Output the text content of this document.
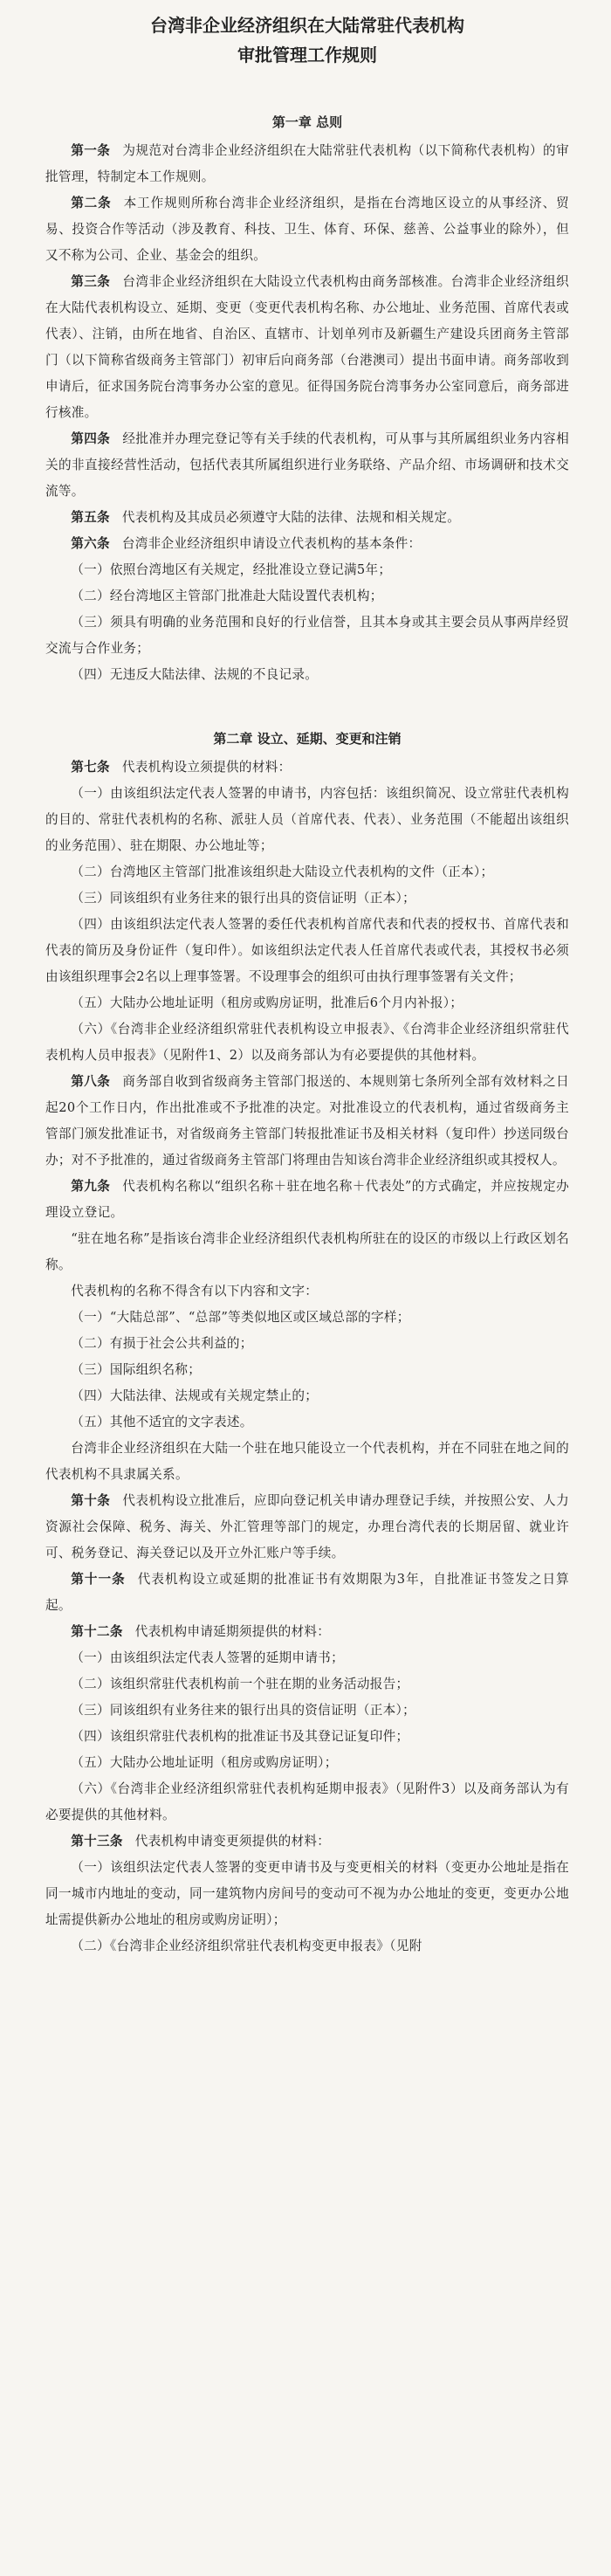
台湾非企业经济组织在大陆常驻代表机构
审批管理工作规则
第一章 总则

第一条 为规范对台湾非企业经济组织在大陆常驻代表机构（以下简称代表机构）的审批管理，特制定本工作规则。

第二条 本工作规则所称台湾非企业经济组织，是指在台湾地区设立的从事经济、贸易、投资合作等活动（涉及教育、科技、卫生、体育、环保、慈善、公益事业的除外），但又不称为公司、企业、基金会的组织。

第三条 台湾非企业经济组织在大陆设立代表机构由商务部核准。台湾非企业经济组织在大陆代表机构设立、延期、变更（变更代表机构名称、办公地址、业务范围、首席代表或代表）、注销，由所在地省、自治区、直辖市、计划单列市及新疆生产建设兵团商务主管部门（以下简称省级商务主管部门）初审后向商务部（台港澳司）提出书面申请。商务部收到申请后，征求国务院台湾事务办公室的意见。征得国务院台湾事务办公室同意后，商务部进行核准。

第四条 经批准并办理完登记等有关手续的代表机构，可从事与其所属组织业务内容相关的非直接经营性活动，包括代表其所属组织进行业务联络、产品介绍、市场调研和技术交流等。

第五条 代表机构及其成员必须遵守大陆的法律、法规和相关规定。

第六条 台湾非企业经济组织申请设立代表机构的基本条件：

（一）依照台湾地区有关规定，经批准设立登记满5年；

（二）经台湾地区主管部门批准赴大陆设置代表机构；

（三）须具有明确的业务范围和良好的行业信誉，且其本身或其主要会员从事两岸经贸交流与合作业务；

（四）无违反大陆法律、法规的不良记录。

第二章 设立、延期、变更和注销

第七条 代表机构设立须提供的材料：

（一）由该组织法定代表人签署的申请书，内容包括：该组织简况、设立常驻代表机构的目的、常驻代表机构的名称、派驻人员（首席代表、代表）、业务范围（不能超出该组织的业务范围）、驻在期限、办公地址等；

（二）台湾地区主管部门批准该组织赴大陆设立代表机构的文件（正本）；

（三）同该组织有业务往来的银行出具的资信证明（正本）；

（四）由该组织法定代表人签署的委任代表机构首席代表和代表的授权书、首席代表和代表的简历及身份证件（复印件）。如该组织法定代表人任首席代表或代表，其授权书必须由该组织理事会2名以上理事签署。不设理事会的组织可由执行理事签署有关文件；

（五）大陆办公地址证明（租房或购房证明，批准后6个月内补报）；

（六）《台湾非企业经济组织常驻代表机构设立申报表》、《台湾非企业经济组织常驻代表机构人员申报表》（见附件1、2）以及商务部认为有必要提供的其他材料。

第八条 商务部自收到省级商务主管部门报送的、本规则第七条所列全部有效材料之日起20个工作日内，作出批准或不予批准的决定。对批准设立的代表机构，通过省级商务主管部门颁发批准证书，对省级商务主管部门转报批准证书及相关材料（复印件）抄送同级台办；对不予批准的，通过省级商务主管部门将理由告知该台湾非企业经济组织或其授权人。

第九条 代表机构名称以“组织名称＋驻在地名称＋代表处”的方式确定，并应按规定办理设立登记。

“驻在地名称”是指该台湾非企业经济组织代表机构所驻在的设区的市级以上行政区划名称。

代表机构的名称不得含有以下内容和文字：

（一）“大陆总部”、“总部”等类似地区或区域总部的字样；

（二）有损于社会公共利益的；

（三）国际组织名称；

（四）大陆法律、法规或有关规定禁止的；

（五）其他不适宜的文字表述。

台湾非企业经济组织在大陆一个驻在地只能设立一个代表机构，并在不同驻在地之间的代表机构不具隶属关系。

第十条 代表机构设立批准后，应即向登记机关申请办理登记手续，并按照公安、人力资源社会保障、税务、海关、外汇管理等部门的规定，办理台湾代表的长期居留、就业许可、税务登记、海关登记以及开立外汇账户等手续。

第十一条 代表机构设立或延期的批准证书有效期限为3年，自批准证书签发之日算起。

第十二条 代表机构申请延期须提供的材料：

（一）由该组织法定代表人签署的延期申请书；

（二）该组织常驻代表机构前一个驻在期的业务活动报告；

（三）同该组织有业务往来的银行出具的资信证明（正本）；

（四）该组织常驻代表机构的批准证书及其登记证复印件；

（五）大陆办公地址证明（租房或购房证明）；

（六）《台湾非企业经济组织常驻代表机构延期申报表》（见附件3）以及商务部认为有必要提供的其他材料。

第十三条 代表机构申请变更须提供的材料：

（一）该组织法定代表人签署的变更申请书及与变更相关的材料（变更办公地址是指在同一城市内地址的变动，同一建筑物内房间号的变动可不视为办公地址的变更，变更办公地址需提供新办公地址的租房或购房证明）；

（二）《台湾非企业经济组织常驻代表机构变更申报表》（见附
